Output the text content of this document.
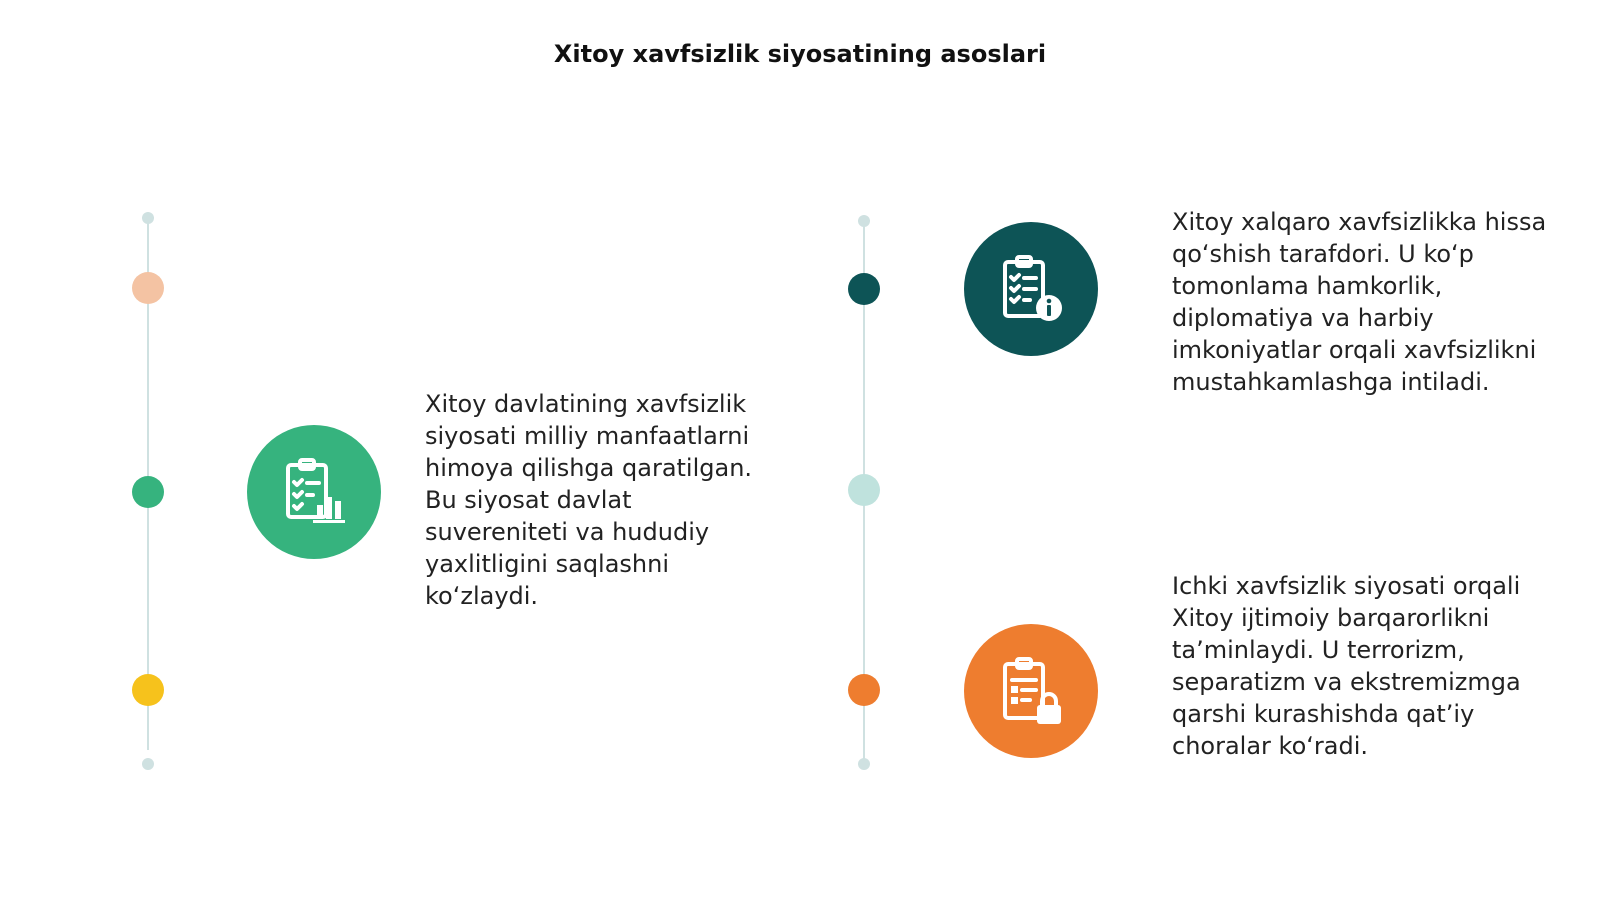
Xitoy xavfsizlik siyosatining asoslari
Xitoy davlatining xavfsizlik siyosati milliy manfaatlarni himoya qilishga qaratilgan. Bu siyosat davlat suvereniteti va hududiy yaxlitligini saqlashni koʻzlaydi.
Xitoy xalqaro xavfsizlikka hissa qoʻshish tarafdori. U koʻp tomonlama hamkorlik, diplomatiya va harbiy imkoniyatlar orqali xavfsizlikni mustahkamlashga intiladi.
Ichki xavfsizlik siyosati orqali Xitoy ijtimoiy barqarorlikni taʼminlaydi. U terrorizm, separatizm va ekstremizmga qarshi kurashishda qatʼiy choralar koʻradi.
